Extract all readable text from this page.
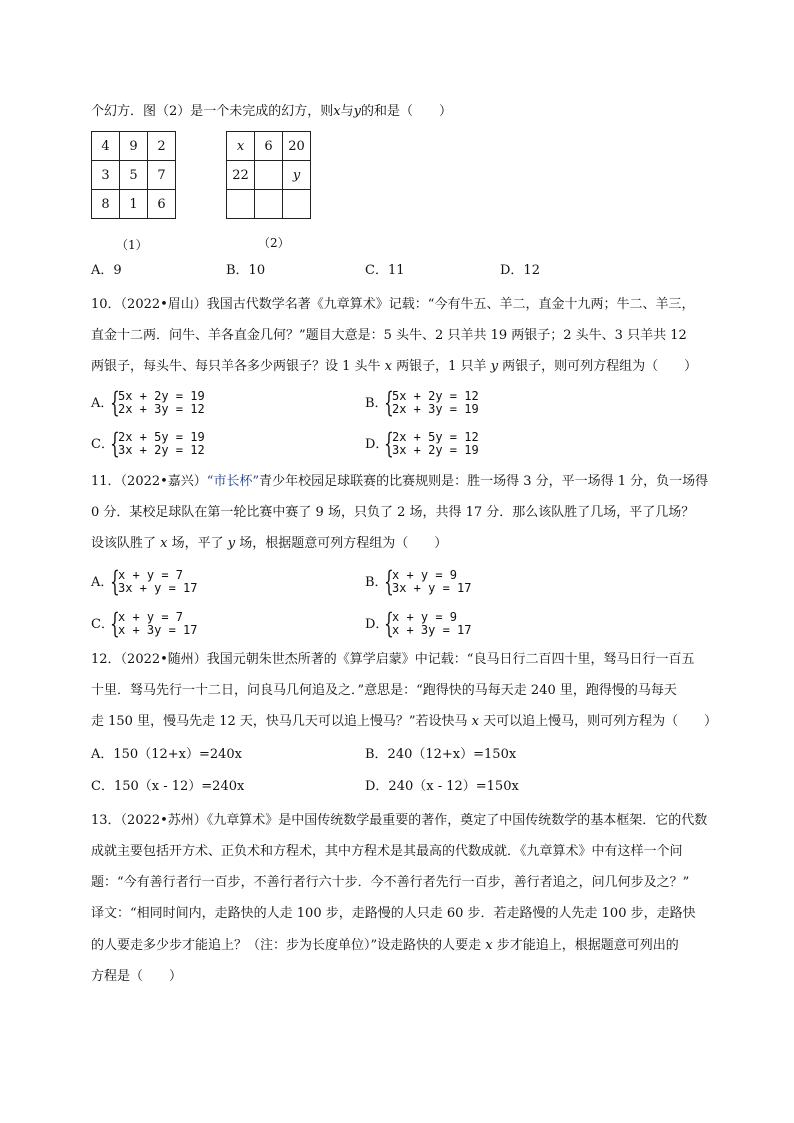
个幻方．图（2）是一个未完成的幻方，则x与y的和是（　　）
4	9	2
3	5	7
8	1	6
（1）
x	6	20
22		y

（2）
A．9	B．10	C．11	D．12
10．（2022•眉山）我国古代数学名著《九章算术》记载：“今有牛五、羊二，直金十九两；牛二、羊三，
直金十二两．问牛、羊各直金几何？”题目大意是：5 头牛、2 只羊共 19 两银子；2 头牛、3 只羊共 12
两银子，每头牛、每只羊各多少两银子？设 1 头牛 x 两银子，1 只羊 y 两银子，则可列方程组为（　　）
A．
{
5x + 2y = 19
2x + 3y = 12	B．
{
5x + 2y = 12
2x + 3y = 19
C．
{
2x + 5y = 19
3x + 2y = 12	D．
{
2x + 5y = 12
3x + 2y = 19
11．（2022•嘉兴）“市长杯”青少年校园足球联赛的比赛规则是：胜一场得 3 分，平一场得 1 分，负一场得
0 分．某校足球队在第一轮比赛中赛了 9 场，只负了 2 场，共得 17 分．那么该队胜了几场，平了几场？
设该队胜了 x 场，平了 y 场，根据题意可列方程组为（　　）
A．
{
x + y = 7
3x + y = 17	B．
{
x + y = 9
3x + y = 17
C．
{
x + y = 7
x + 3y = 17	D．
{
x + y = 9
x + 3y = 17
12．（2022•随州）我国元朝朱世杰所著的《算学启蒙》中记载：“良马日行二百四十里，驽马日行一百五
十里．驽马先行一十二日，问良马几何追及之．”意思是：“跑得快的马每天走 240 里，跑得慢的马每天
走 150 里，慢马先走 12 天，快马几天可以追上慢马？”若设快马 x 天可以追上慢马，则可列方程为（　　）
A．150（12+x）=240x	B．240（12+x）=150x
C．150（x - 12）=240x	D．240（x - 12）=150x
13．（2022•苏州）《九章算术》是中国传统数学最重要的著作，奠定了中国传统数学的基本框架．它的代数
成就主要包括开方术、正负术和方程术，其中方程术是其最高的代数成就．《九章算术》中有这样一个问
题：“今有善行者行一百步，不善行者行六十步．今不善行者先行一百步，善行者追之，问几何步及之？”
译文：“相同时间内，走路快的人走 100 步，走路慢的人只走 60 步．若走路慢的人先走 100 步，走路快
的人要走多少步才能追上？（注：步为长度单位）”设走路快的人要走 x 步才能追上，根据题意可列出的
方程是（　　）
